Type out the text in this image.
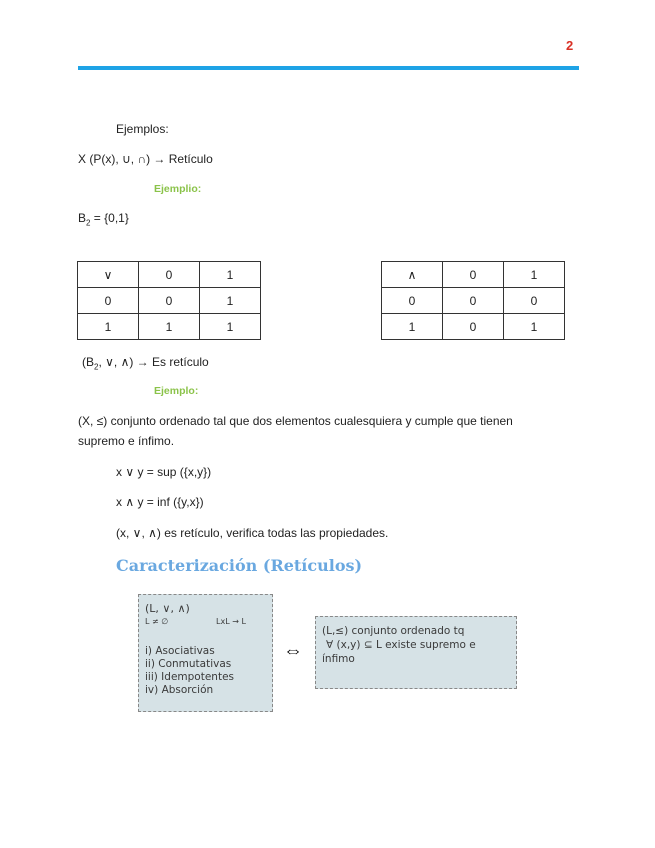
2
Ejemplos:
X (P(x), ∪, ∩) → Retículo
Ejemplio:
$B_2 = \{0,1\}$
∨	0	1
0	0	1
1	1	1
∧	0	1
0	0	0
1	0	1
($B_2$, ∨, ∧) → Es retículo
Ejemplo:
(X, ≤) conjunto ordenado tal que dos elementos cualesquiera y cumple que tienen
supremo e ínfimo.
x ∨ y = sup ({x,y})
x ∧ y = inf ({y,x})
(x, ∨, ∧) es retículo, verifica todas las propiedades.
Caracterización (Retículos)
(L, ∨, ∧)
L ≠ ∅	LxL → L
i) Asociativas
ii) Conmutativas
iii) Idempotentes
iv) Absorción
⇔
(L,≤) conjunto ordenado tq
∀ (x,y) ⊆ L existe supremo e
ínfimo
